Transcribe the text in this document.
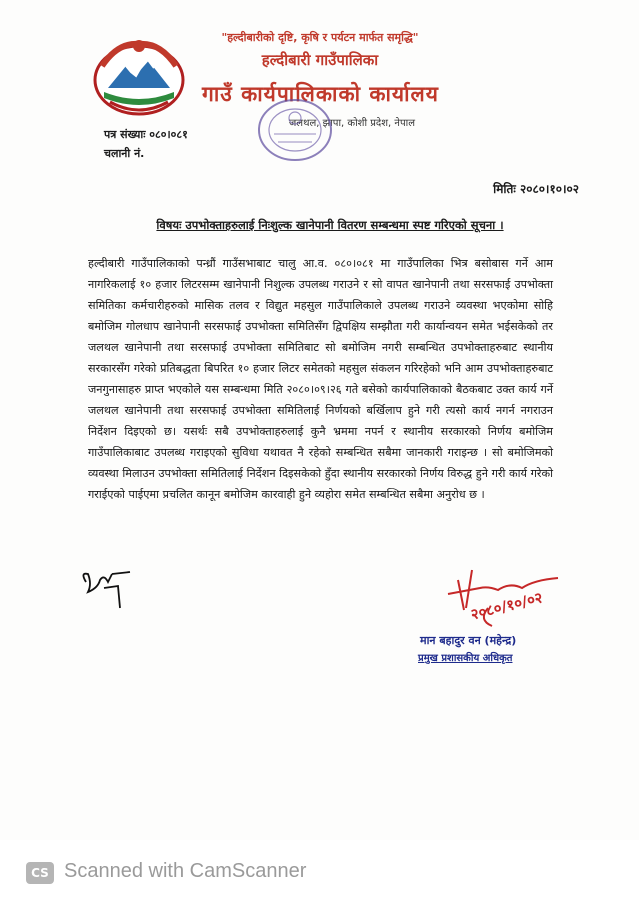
"हल्दीबारीको दृष्टि, कृषि र पर्यटन मार्फत समृद्धि"
हल्दीबारी गाउँपालिका
गाउँ कार्यपालिकाको कार्यालय
जलथल, झापा, कोशी प्रदेश, नेपाल
पत्र संख्याः ०८०।०८१
चलानी नं.
मितिः २०८०।१०।०२
विषयः उपभोक्ताहरुलाई निःशुल्क खानेपानी वितरण सम्बन्धमा स्पष्ट गरिएको सूचना ।
हल्दीबारी गाउँपालिकाको पन्ध्रौं गाउँसभाबाट चालु आ.व. ०८०।०८१ मा गाउँपालिका भित्र बसोबास गर्ने आम नागरिकलाई १० हजार लिटरसम्म खानेपानी निशुल्क उपलब्ध गराउने र सो वापत खानेपानी तथा सरसफाई उपभोक्ता समितिका कर्मचारीहरुको मासिक तलव र विद्युत महसुल गाउँपालिकाले उपलब्ध गराउने व्यवस्था भएकोमा सोहि बमोजिम गोलधाप खानेपानी सरसफाई उपभोक्ता समितिसँग द्विपक्षिय सम्झौता गरी कार्यान्वयन समेत भईसकेको तर जलथल खानेपानी तथा सरसफाई उपभोक्ता समितिबाट सो बमोजिम नगरी सम्बन्धित उपभोक्ताहरुबाट स्थानीय सरकारसँग गरेको प्रतिबद्धता बिपरित १० हजार लिटर समेतको महसुल संकलन गरिरहेको भनि आम उपभोक्ताहरुबाट जनगुनासाहरु प्राप्त भएकोले यस सम्बन्धमा मिति २०८०।०९।२६ गते बसेको कार्यपालिकाको बैठकबाट उक्त कार्य गर्ने जलथल खानेपानी तथा सरसफाई उपभोक्ता समितिलाई निर्णयको बर्खिलाप हुने गरी त्यसो कार्य नगर्न नगराउन निर्देशन दिइएको छ। यसर्थः सबै उपभोक्ताहरुलाई कुनै भ्रममा नपर्न र स्थानीय सरकारको निर्णय बमोजिम गाउँपालिकाबाट उपलब्ध गराइएको सुविधा यथावत नै रहेको सम्बन्धित सबैमा जानकारी गराइन्छ । सो बमोजिमको व्यवस्था मिलाउन उपभोक्ता समितिलाई निर्देशन दिइसकेको हुँदा स्थानीय सरकारको निर्णय विरुद्ध हुने गरी कार्य गरेको गराईएको पाईएमा प्रचलित कानून बमोजिम कारवाही हुने व्यहोरा समेत सम्बन्धित सबैमा अनुरोध छ ।
२०८०/१०/०२
मान बहादुर वन (महेन्द्र)
प्रमुख प्रशासकीय अधिकृत
CS Scanned with CamScanner
